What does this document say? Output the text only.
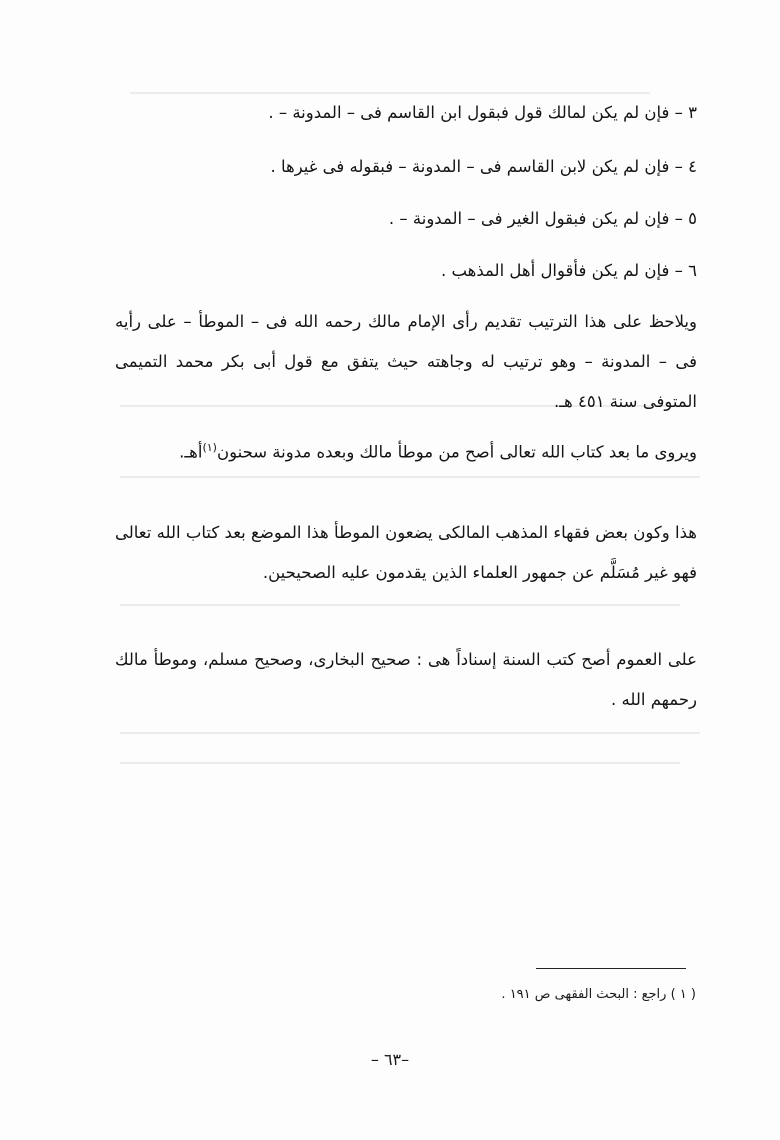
٣ – فإن لم يكن لمالك قول فبقول ابن القاسم فى – المدونة – .

٤ – فإن لم يكن لابن القاسم فى – المدونة – فبقوله فى غيرها .

٥ – فإن لم يكن فبقول الغير فى – المدونة – .

٦ – فإن لم يكن فأقوال أهل المذهب .

ويلاحظ على هذا الترتيب تقديم رأى الإمام مالك رحمه الله فى – الموطأ – على رأيه فى – المدونة – وهو ترتيب له وجاهته حيث يتفق مع قول أبى بكر محمد التميمى المتوفى سنة ٤٥١ هـ.

ويروى ما بعد كتاب الله تعالى أصح من موطأ مالك وبعده مدونة سحنون$^{(١)}$أهـ.

هذا وكون بعض فقهاء المذهب المالكى يضعون الموطأ هذا الموضع بعد كتاب الله تعالى فهو غير مُسَلَّم عن جمهور العلماء الذين يقدمون عليه الصحيحين.

على العموم أصح كتب السنة إسناداً هى : صحيح البخارى، وصحيح مسلم، وموطأ مالك رحمهم الله .

( ١ ) راجع : البحث الفقهى ص ١٩١ .
–٦٣ –
